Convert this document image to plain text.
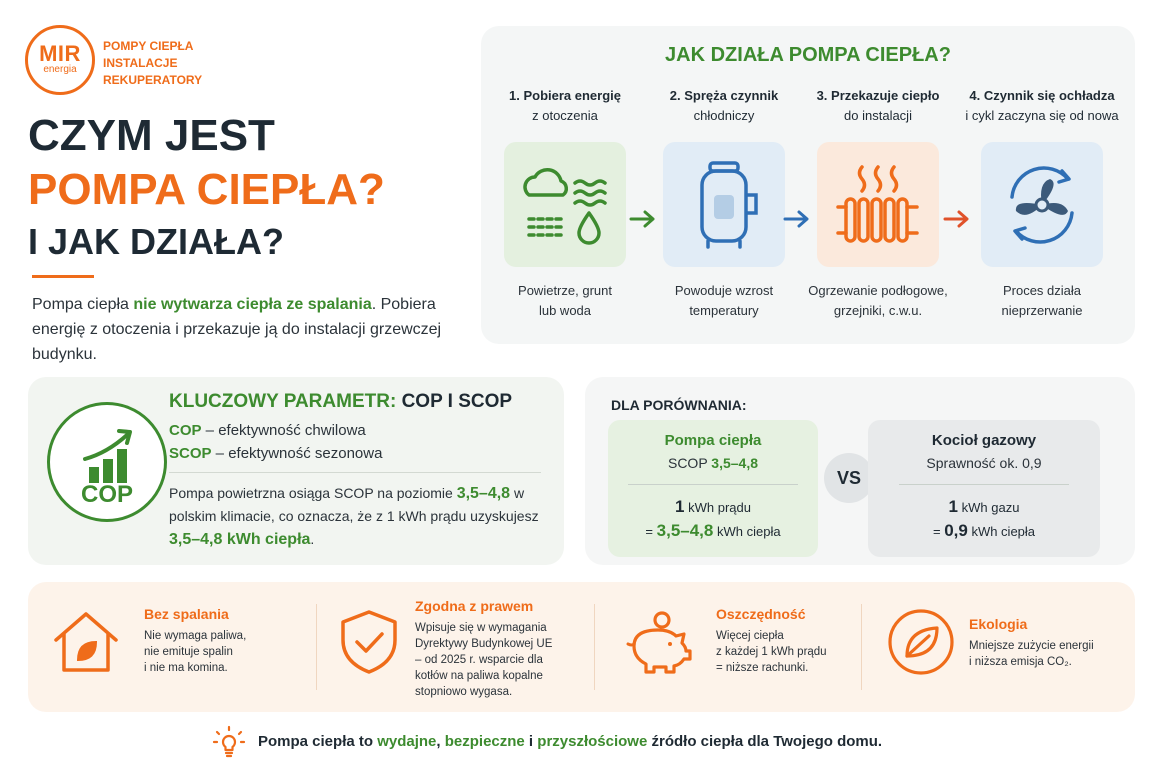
MIR
energia
POMPY CIEPŁA
INSTALACJE
REKUPERATORY
CZYM JEST
POMPA CIEPŁA?
I JAK DZIAŁA?

Pompa ciepła nie wytwarza ciepła ze spalania. Pobiera energię z otoczenia i przekazuje ją do instalacji grzewczej budynku.

JAK DZIAŁA POMPA CIEPŁA?
1. Pobiera energię
z otoczenia
Powietrze, grunt
lub woda
2. Spręża czynnik
chłodniczy
Powoduje wzrost
temperatury
3. Przekazuje ciepło
do instalacji
Ogrzewanie podłogowe,
grzejniki, c.w.u.
4. Czynnik się ochładza
i cykl zaczyna się od nowa
Proces działa
nieprzerwanie
COP
KLUCZOWY PARAMETR: COP I SCOP
COP – efektywność chwilowa
SCOP – efektywność sezonowa

Pompa powietrzna osiąga SCOP na poziomie 3,5–4,8 w polskim klimacie, co oznacza, że z 1 kWh prądu uzyskujesz 3,5–4,8 kWh ciepła.

DLA PORÓWNANIA:
Pompa ciepła
SCOP 3,5–4,8
1 kWh prądu
= 3,5–4,8 kWh ciepła
VS
Kocioł gazowy
Sprawność ok. 0,9
1 kWh gazu
= 0,9 kWh ciepła
Bez spalania
Nie wymaga paliwa,
nie emituje spalin
i nie ma komina.
Zgodna z prawem
Wpisuje się w wymagania
Dyrektywy Budynkowej UE
– od 2025 r. wsparcie dla
kotłów na paliwa kopalne
stopniowo wygasa.
Oszczędność
Więcej ciepła
z każdej 1 kWh prądu
= niższe rachunki.
Ekologia
Mniejsze zużycie energii
i niższa emisja CO₂.
Pompa ciepła to wydajne, bezpieczne i przyszłościowe źródło ciepła dla Twojego domu.
